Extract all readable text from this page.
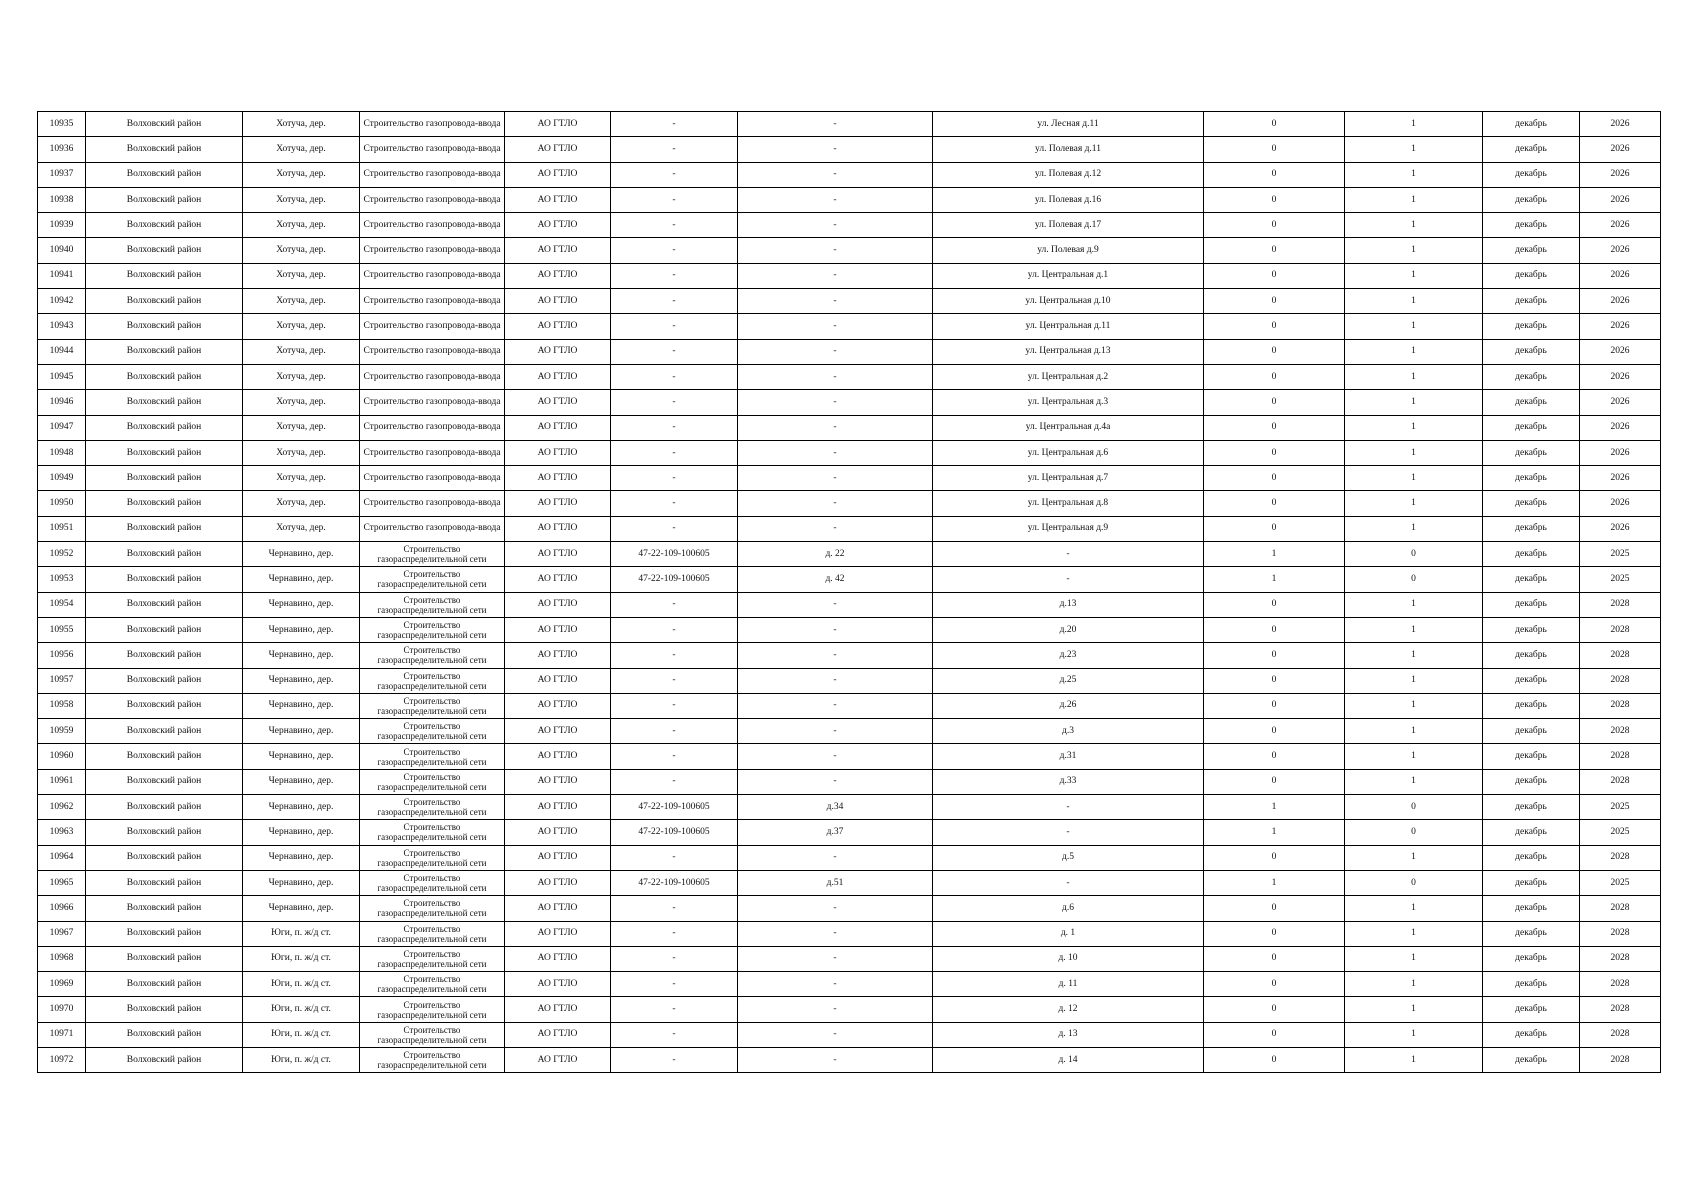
10935	Волховский район	Хотуча, дер.	Строительство газопровода-ввода	АО ГТЛО	-	-	ул. Лесная д.11	0	1	декабрь	2026
10936	Волховский район	Хотуча, дер.	Строительство газопровода-ввода	АО ГТЛО	-	-	ул. Полевая д.11	0	1	декабрь	2026
10937	Волховский район	Хотуча, дер.	Строительство газопровода-ввода	АО ГТЛО	-	-	ул. Полевая д.12	0	1	декабрь	2026
10938	Волховский район	Хотуча, дер.	Строительство газопровода-ввода	АО ГТЛО	-	-	ул. Полевая д.16	0	1	декабрь	2026
10939	Волховский район	Хотуча, дер.	Строительство газопровода-ввода	АО ГТЛО	-	-	ул. Полевая д.17	0	1	декабрь	2026
10940	Волховский район	Хотуча, дер.	Строительство газопровода-ввода	АО ГТЛО	-	-	ул. Полевая д.9	0	1	декабрь	2026
10941	Волховский район	Хотуча, дер.	Строительство газопровода-ввода	АО ГТЛО	-	-	ул. Центральная д.1	0	1	декабрь	2026
10942	Волховский район	Хотуча, дер.	Строительство газопровода-ввода	АО ГТЛО	-	-	ул. Центральная д.10	0	1	декабрь	2026
10943	Волховский район	Хотуча, дер.	Строительство газопровода-ввода	АО ГТЛО	-	-	ул. Центральная д.11	0	1	декабрь	2026
10944	Волховский район	Хотуча, дер.	Строительство газопровода-ввода	АО ГТЛО	-	-	ул. Центральная д.13	0	1	декабрь	2026
10945	Волховский район	Хотуча, дер.	Строительство газопровода-ввода	АО ГТЛО	-	-	ул. Центральная д.2	0	1	декабрь	2026
10946	Волховский район	Хотуча, дер.	Строительство газопровода-ввода	АО ГТЛО	-	-	ул. Центральная д.3	0	1	декабрь	2026
10947	Волховский район	Хотуча, дер.	Строительство газопровода-ввода	АО ГТЛО	-	-	ул. Центральная д.4а	0	1	декабрь	2026
10948	Волховский район	Хотуча, дер.	Строительство газопровода-ввода	АО ГТЛО	-	-	ул. Центральная д.6	0	1	декабрь	2026
10949	Волховский район	Хотуча, дер.	Строительство газопровода-ввода	АО ГТЛО	-	-	ул. Центральная д.7	0	1	декабрь	2026
10950	Волховский район	Хотуча, дер.	Строительство газопровода-ввода	АО ГТЛО	-	-	ул. Центральная д.8	0	1	декабрь	2026
10951	Волховский район	Хотуча, дер.	Строительство газопровода-ввода	АО ГТЛО	-	-	ул. Центральная д.9	0	1	декабрь	2026
10952	Волховский район	Чернавино, дер.	Строительство газораспределительной сети	АО ГТЛО	47-22-109-100605	д. 22	-	1	0	декабрь	2025
10953	Волховский район	Чернавино, дер.	Строительство газораспределительной сети	АО ГТЛО	47-22-109-100605	д. 42	-	1	0	декабрь	2025
10954	Волховский район	Чернавино, дер.	Строительство газораспределительной сети	АО ГТЛО	-	-	д.13	0	1	декабрь	2028
10955	Волховский район	Чернавино, дер.	Строительство газораспределительной сети	АО ГТЛО	-	-	д.20	0	1	декабрь	2028
10956	Волховский район	Чернавино, дер.	Строительство газораспределительной сети	АО ГТЛО	-	-	д.23	0	1	декабрь	2028
10957	Волховский район	Чернавино, дер.	Строительство газораспределительной сети	АО ГТЛО	-	-	д.25	0	1	декабрь	2028
10958	Волховский район	Чернавино, дер.	Строительство газораспределительной сети	АО ГТЛО	-	-	д.26	0	1	декабрь	2028
10959	Волховский район	Чернавино, дер.	Строительство газораспределительной сети	АО ГТЛО	-	-	д.3	0	1	декабрь	2028
10960	Волховский район	Чернавино, дер.	Строительство газораспределительной сети	АО ГТЛО	-	-	д.31	0	1	декабрь	2028
10961	Волховский район	Чернавино, дер.	Строительство газораспределительной сети	АО ГТЛО	-	-	д.33	0	1	декабрь	2028
10962	Волховский район	Чернавино, дер.	Строительство газораспределительной сети	АО ГТЛО	47-22-109-100605	д.34	-	1	0	декабрь	2025
10963	Волховский район	Чернавино, дер.	Строительство газораспределительной сети	АО ГТЛО	47-22-109-100605	д.37	-	1	0	декабрь	2025
10964	Волховский район	Чернавино, дер.	Строительство газораспределительной сети	АО ГТЛО	-	-	д.5	0	1	декабрь	2028
10965	Волховский район	Чернавино, дер.	Строительство газораспределительной сети	АО ГТЛО	47-22-109-100605	д.51	-	1	0	декабрь	2025
10966	Волховский район	Чернавино, дер.	Строительство газораспределительной сети	АО ГТЛО	-	-	д.6	0	1	декабрь	2028
10967	Волховский район	Юги, п. ж/д ст.	Строительство газораспределительной сети	АО ГТЛО	-	-	д. 1	0	1	декабрь	2028
10968	Волховский район	Юги, п. ж/д ст.	Строительство газораспределительной сети	АО ГТЛО	-	-	д. 10	0	1	декабрь	2028
10969	Волховский район	Юги, п. ж/д ст.	Строительство газораспределительной сети	АО ГТЛО	-	-	д. 11	0	1	декабрь	2028
10970	Волховский район	Юги, п. ж/д ст.	Строительство газораспределительной сети	АО ГТЛО	-	-	д. 12	0	1	декабрь	2028
10971	Волховский район	Юги, п. ж/д ст.	Строительство газораспределительной сети	АО ГТЛО	-	-	д. 13	0	1	декабрь	2028
10972	Волховский район	Юги, п. ж/д ст.	Строительство газораспределительной сети	АО ГТЛО	-	-	д. 14	0	1	декабрь	2028
